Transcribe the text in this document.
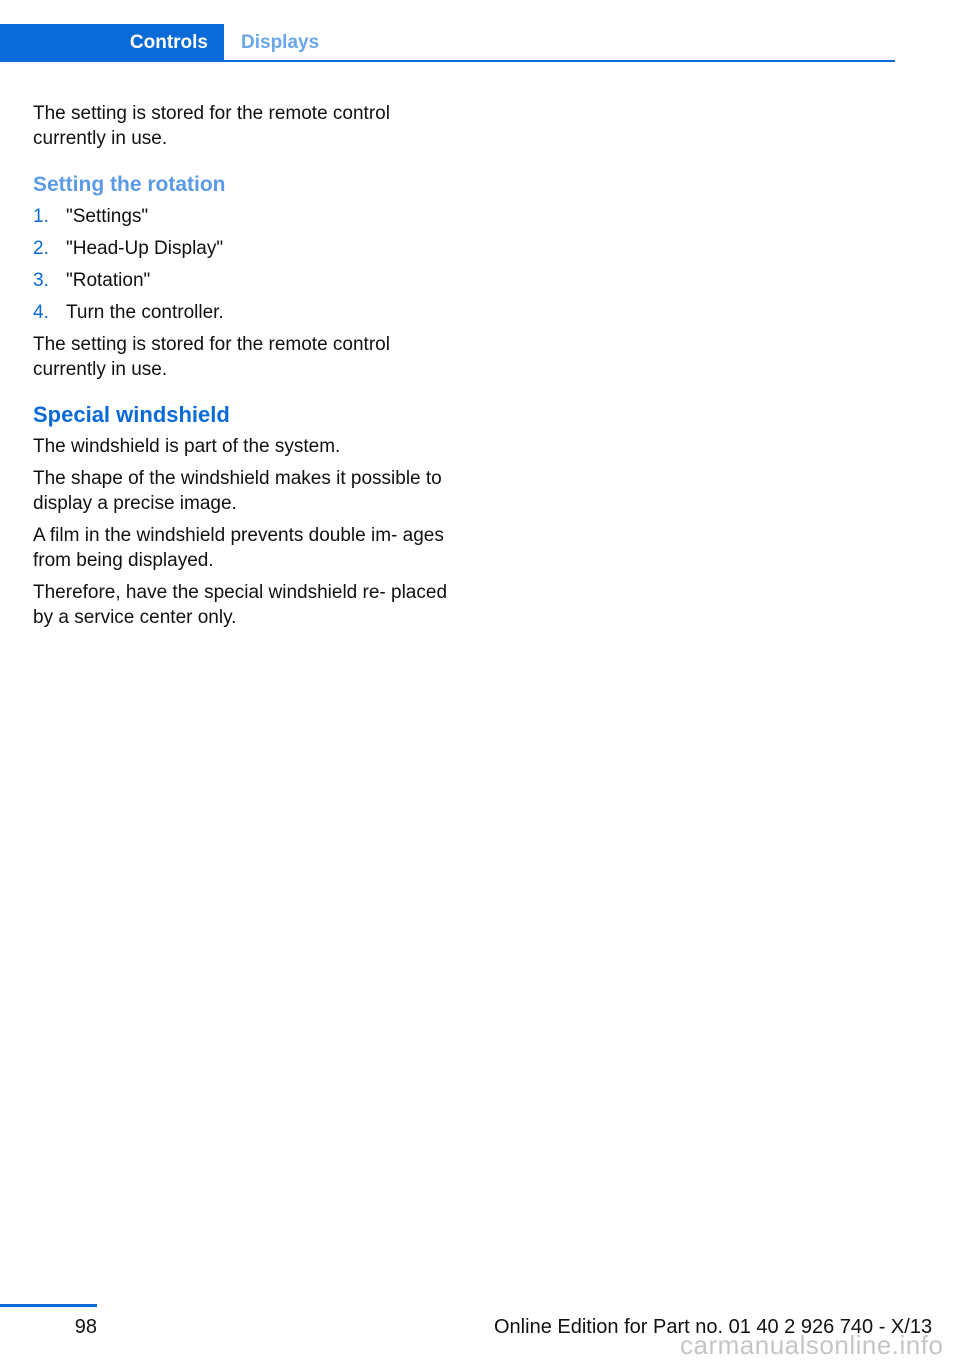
Controls	Displays

The setting is stored for the remote control currently in use.

Setting the rotation
1. "Settings"
2. "Head-Up Display"
3. "Rotation"
4. Turn the controller.

The setting is stored for the remote control currently in use.

Special windshield

The windshield is part of the system.

The shape of the windshield makes it possible to display a precise image.

A film in the windshield prevents double im‐ ages from being displayed.

Therefore, have the special windshield re‐ placed by a service center only.

98	Online Edition for Part no. 01 40 2 926 740 - X/13
carmanualsonline.info
